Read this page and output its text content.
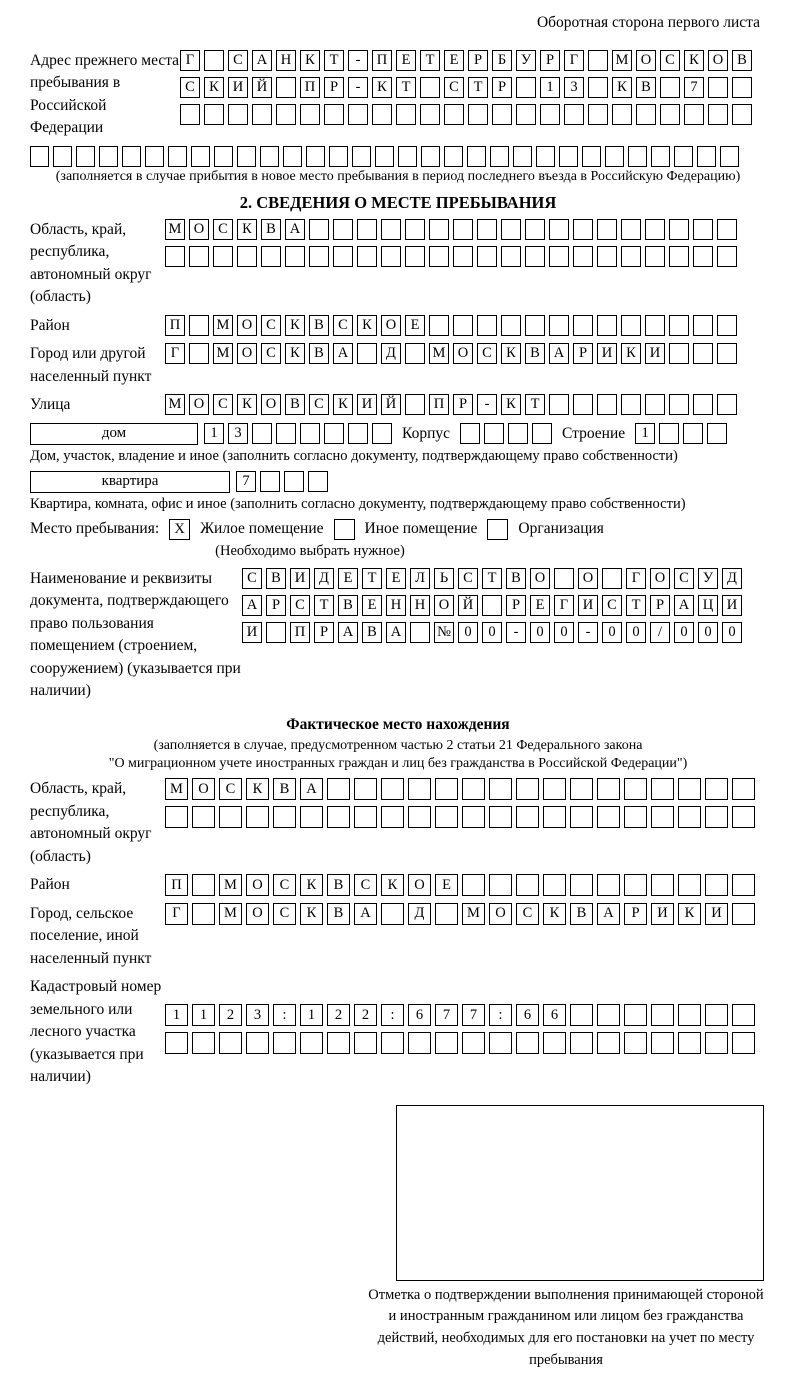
Оборотная сторона первого листа
Адрес прежнего места пребывания в Российской Федерации
Г	С А Н К	Т	-	П Е	Т	Е	Р	Б	У	Р	Г	М О С К О В
С К И Й	П	Р	-	К	Т	С	Т	Р	1	3	К В	7
(заполняется в случае прибытия в новое место пребывания в период последнего въезда в Российскую Федерацию)
2. СВЕДЕНИЯ О МЕСТЕ ПРЕБЫВАНИЯ
Область, край, республика, автономный округ (область)
М О С К В А
Район	П	М О С К В С К О Е
Город или другой населенный пункт
Г	М О С К В А	Д	М О С К В А	Р	И К И
Улица	М О С К О В С К И Й	П	Р	-	К	Т
дом	1	3	Корпус	Строение	1
Дом, участок, владение и иное (заполнить согласно документу, подтверждающему право собственности)
квартира	7
Квартира, комната, офис и иное (заполнить согласно документу, подтверждающему право собственности)
Место пребывания:	X Жилое помещение	Иное помещение	Организация
(Необходимо выбрать нужное)
Наименование и реквизиты документа, подтверждающего право пользования помещением (строением, сооружением) (указывается при наличии)
С В И Д	Е	Т	Е	Л	Ь	С	Т	В О	О	Г	О С У Д
А	Р	С	Т	В	Е Н Н О Й	Р	Е	Г	И С	Т	Р	А Ц И
И	П	Р	А В А	№ 0	0	-	0	0	-	0	0	/	0	0	0
Фактическое место нахождения
(заполняется в случае, предусмотренном частью 2 статьи 21 Федерального закона
"О миграционном учете иностранных граждан и лиц без гражданства в Российской Федерации")
Область, край, республика, автономный округ (область)
М	О	С	К	В	А
Район	П	М	О	С	К	В	С	К	О	Е
Город, сельское поселение, иной населенный пункт
Г	М	О	С	К	В	А	Д	М	О	С	К	В	А	Р	И	К	И
Кадастровый номер земельного или лесного участка (указывается при наличии)
1	1	2	3	:	1	2	2	:	6	7	7	:	6	6
Отметка о подтверждении выполнения принимающей стороной и иностранным гражданином или лицом без гражданства действий, необходимых для его постановки на учет по месту пребывания
